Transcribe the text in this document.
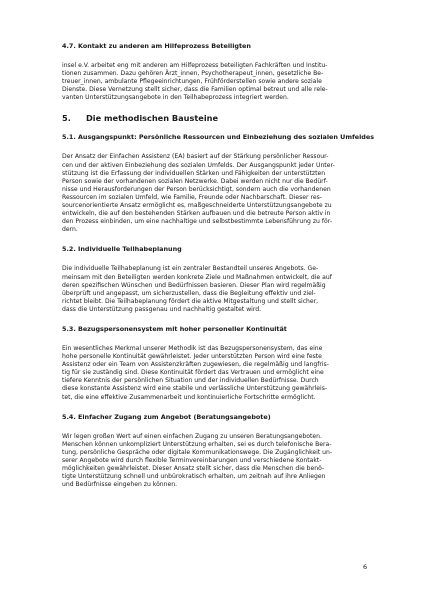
4.7. Kontakt zu anderen am Hilfeprozess Beteiligten
insel e.V. arbeitet eng mit anderen am Hilfeprozess beteiligten Fachkräften und Institu-
tionen zusammen. Dazu gehören Ärzt_innen, Psychotherapeut_innen, gesetzliche Be-
treuer_innen, ambulante Pflegeeinrichtungen, Frühförderstellen sowie andere soziale
Dienste. Diese Vernetzung stellt sicher, dass die Familien optimal betreut und alle rele-
vanten Unterstützungsangebote in den Teilhabeprozess integriert werden.
5.	Die methodischen Bausteine
5.1. Ausgangspunkt: Persönliche Ressourcen und Einbeziehung des sozialen Umfeldes
Der Ansatz der Einfachen Assistenz (EA) basiert auf der Stärkung persönlicher Ressour-
cen und der aktiven Einbeziehung des sozialen Umfelds. Der Ausgangspunkt jeder Unter-
stützung ist die Erfassung der individuellen Stärken und Fähigkeiten der unterstützten
Person sowie der vorhandenen sozialen Netzwerke. Dabei werden nicht nur die Bedürf-
nisse und Herausforderungen der Person berücksichtigt, sondern auch die vorhandenen
Ressourcen im sozialen Umfeld, wie Familie, Freunde oder Nachbarschaft. Dieser res-
sourcenorientierte Ansatz ermöglicht es, maßgeschneiderte Unterstützungsangebote zu
entwickeln, die auf den bestehenden Stärken aufbauen und die betreute Person aktiv in
den Prozess einbinden, um eine nachhaltige und selbstbestimmte Lebensführung zu för-
dern.
5.2. Individuelle Teilhabeplanung
Die individuelle Teilhabeplanung ist ein zentraler Bestandteil unseres Angebots. Ge-
meinsam mit den Beteiligten werden konkrete Ziele und Maßnahmen entwickelt, die auf
deren spezifischen Wünschen und Bedürfnissen basieren. Dieser Plan wird regelmäßig
überprüft und angepasst, um sicherzustellen, dass die Begleitung effektiv und ziel-
richtet bleibt. Die Teilhabeplanung fördert die aktive Mitgestaltung und stellt sicher,
dass die Unterstützung passgenau und nachhaltig gestaltet wird.
5.3. Bezugspersonensystem mit hoher personeller Kontinuität
Ein wesentliches Merkmal unserer Methodik ist das Bezugspersonensystem, das eine
hohe personelle Kontinuität gewährleistet. Jeder unterstützten Person wird eine feste
Assistenz oder ein Team von Assistenzkräften zugewiesen, die regelmäßig und langfris-
tig für sie zuständig sind. Diese Kontinuität fördert das Vertrauen und ermöglicht eine
tiefere Kenntnis der persönlichen Situation und der individuellen Bedürfnisse. Durch
diese konstante Assistenz wird eine stabile und verlässliche Unterstützung gewährleis-
tet, die eine effektive Zusammenarbeit und kontinuierliche Fortschritte ermöglicht.
5.4. Einfacher Zugang zum Angebot (Beratungsangebote)
Wir legen großen Wert auf einen einfachen Zugang zu unseren Beratungsangeboten.
Menschen können unkompliziert Unterstützung erhalten, sei es durch telefonische Bera-
tung, persönliche Gespräche oder digitale Kommunikationswege. Die Zugänglichkeit un-
serer Angebote wird durch flexible Terminvereinbarungen und verschiedene Kontakt-
möglichkeiten gewährleistet. Dieser Ansatz stellt sicher, dass die Menschen die benö-
tigte Unterstützung schnell und unbürokratisch erhalten, um zeitnah auf ihre Anliegen
und Bedürfnisse eingehen zu können.
6
